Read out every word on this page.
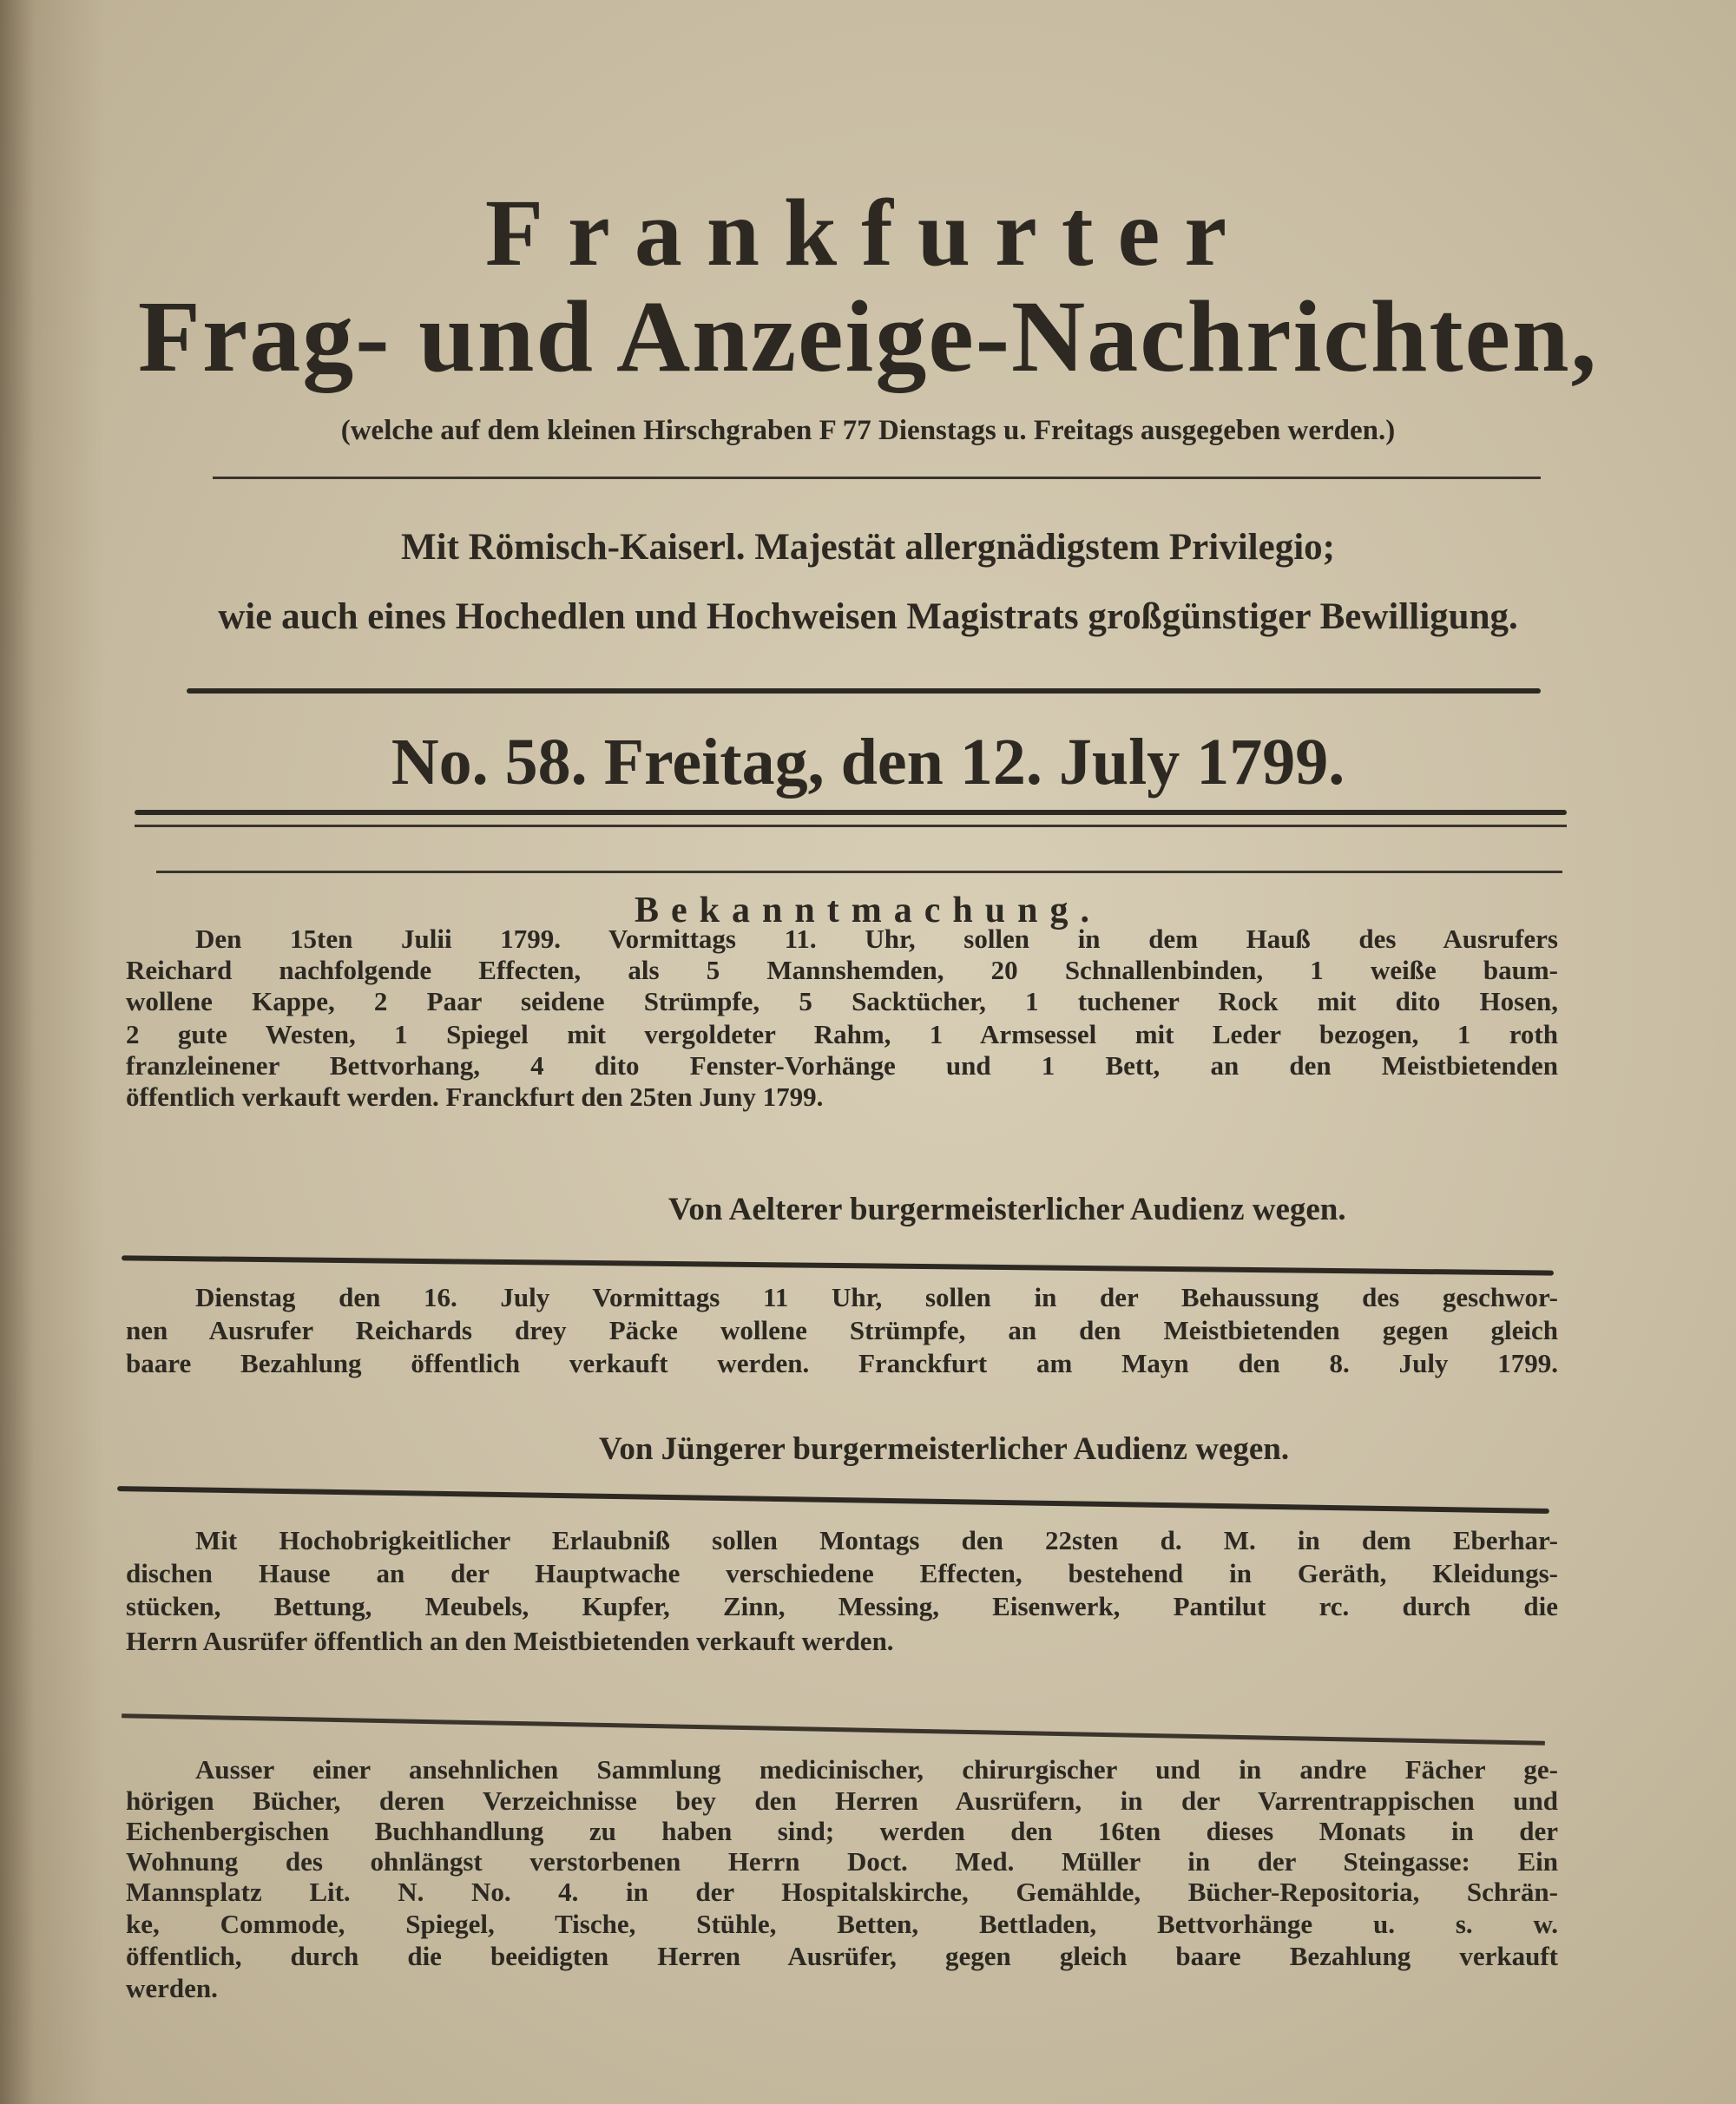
Frankfurter
Frag- und Anzeige-Nachrichten,
(welche auf dem kleinen Hirschgraben F 77 Dienstags u. Freitags ausgegeben werden.)
Mit Römisch-Kaiserl. Majestät allergnädigstem Privilegio;
wie auch eines Hochedlen und Hochweisen Magistrats großgünstiger Bewilligung.
No. 58. Freitag, den 12. July 1799.
Bekanntmachung.
Den 15ten Julii 1799. Vormittags 11. Uhr, sollen in dem Hauß des Ausrufers
Reichard nachfolgende Effecten, als 5 Mannshemden, 20 Schnallenbinden, 1 weiße baum-
wollene Kappe, 2 Paar seidene Strümpfe, 5 Sacktücher, 1 tuchener Rock mit dito Hosen,
2 gute Westen, 1 Spiegel mit vergoldeter Rahm, 1 Armsessel mit Leder bezogen, 1 roth
franzleinener Bettvorhang, 4 dito Fenster-Vorhänge und 1 Bett, an den Meistbietenden
öffentlich verkauft werden. Franckfurt den 25ten Juny 1799.
Von Aelterer burgermeisterlicher Audienz wegen.
Dienstag den 16. July Vormittags 11 Uhr, sollen in der Behaussung des geschwor-
nen Ausrufer Reichards drey Päcke wollene Strümpfe, an den Meistbietenden gegen gleich
baare Bezahlung öffentlich verkauft werden. Franckfurt am Mayn den 8. July 1799.
Von Jüngerer burgermeisterlicher Audienz wegen.
Mit Hochobrigkeitlicher Erlaubniß sollen Montags den 22sten d. M. in dem Eberhar-
dischen Hause an der Hauptwache verschiedene Effecten, bestehend in Geräth, Kleidungs-
stücken, Bettung, Meubels, Kupfer, Zinn, Messing, Eisenwerk, Pantilut rc. durch die
Herrn Ausrüfer öffentlich an den Meistbietenden verkauft werden.
Ausser einer ansehnlichen Sammlung medicinischer, chirurgischer und in andre Fächer ge-
hörigen Bücher, deren Verzeichnisse bey den Herren Ausrüfern, in der Varrentrappischen und
Eichenbergischen Buchhandlung zu haben sind; werden den 16ten dieses Monats in der
Wohnung des ohnlängst verstorbenen Herrn Doct. Med. Müller in der Steingasse: Ein
Mannsplatz Lit. N. No. 4. in der Hospitalskirche, Gemählde, Bücher-Repositoria, Schrän-
ke, Commode, Spiegel, Tische, Stühle, Betten, Bettladen, Bettvorhänge u. s. w.
öffentlich, durch die beeidigten Herren Ausrüfer, gegen gleich baare Bezahlung verkauft
werden.
